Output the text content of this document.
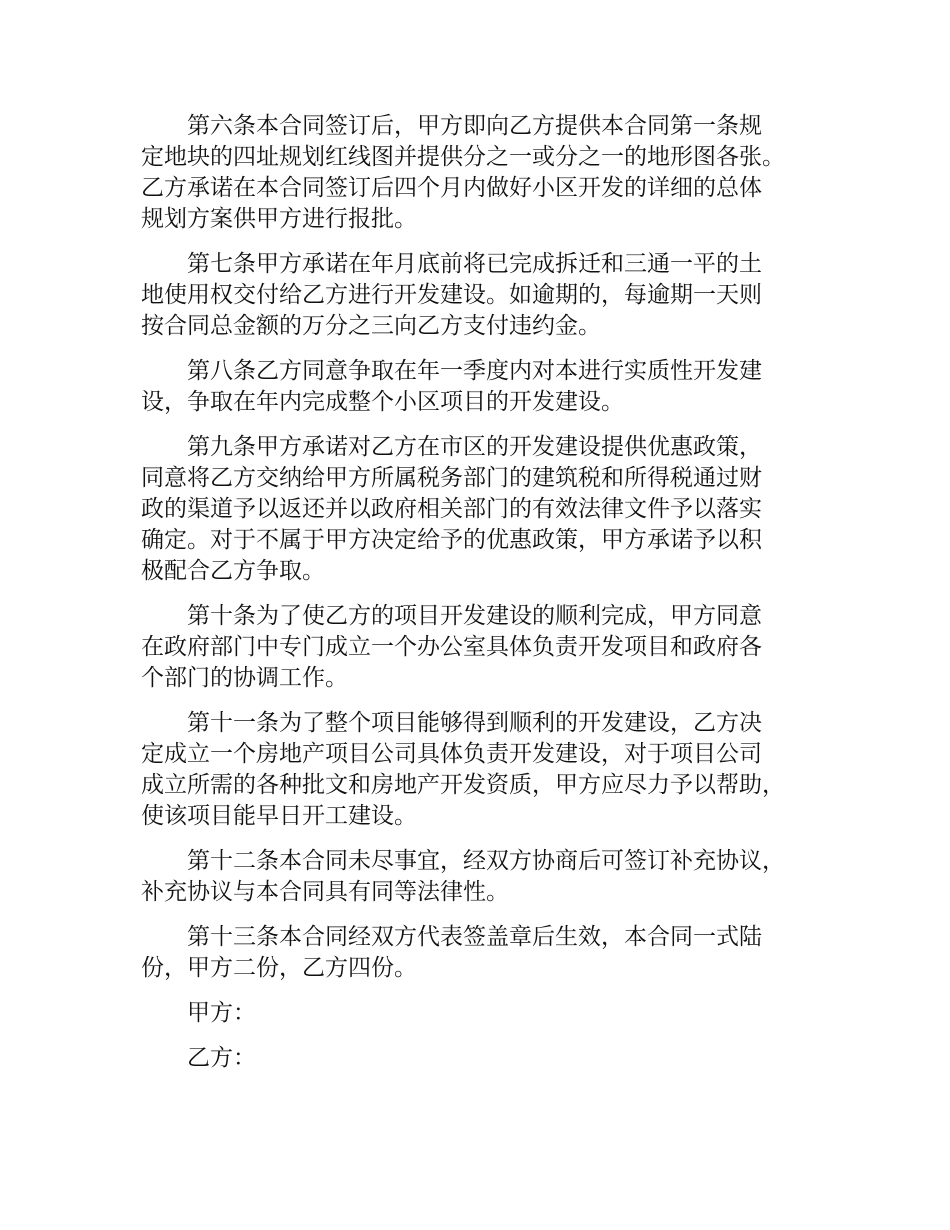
第六条本合同签订后，甲方即向乙方提供本合同第一条规
定地块的四址规划红线图并提供分之一或分之一的地形图各张。
乙方承诺在本合同签订后四个月内做好小区开发的详细的总体
规划方案供甲方进行报批。

第七条甲方承诺在年月底前将已完成拆迁和三通一平的土
地使用权交付给乙方进行开发建设。如逾期的，每逾期一天则
按合同总金额的万分之三向乙方支付违约金。

第八条乙方同意争取在年一季度内对本进行实质性开发建
设，争取在年内完成整个小区项目的开发建设。

第九条甲方承诺对乙方在市区的开发建设提供优惠政策，
同意将乙方交纳给甲方所属税务部门的建筑税和所得税通过财
政的渠道予以返还并以政府相关部门的有效法律文件予以落实
确定。对于不属于甲方决定给予的优惠政策，甲方承诺予以积
极配合乙方争取。

第十条为了使乙方的项目开发建设的顺利完成，甲方同意
在政府部门中专门成立一个办公室具体负责开发项目和政府各
个部门的协调工作。

第十一条为了整个项目能够得到顺利的开发建设，乙方决
定成立一个房地产项目公司具体负责开发建设，对于项目公司
成立所需的各种批文和房地产开发资质，甲方应尽力予以帮助，
使该项目能早日开工建设。

第十二条本合同未尽事宜，经双方协商后可签订补充协议，
补充协议与本合同具有同等法律性。

第十三条本合同经双方代表签盖章后生效，本合同一式陆
份，甲方二份，乙方四份。

甲方：

乙方：
